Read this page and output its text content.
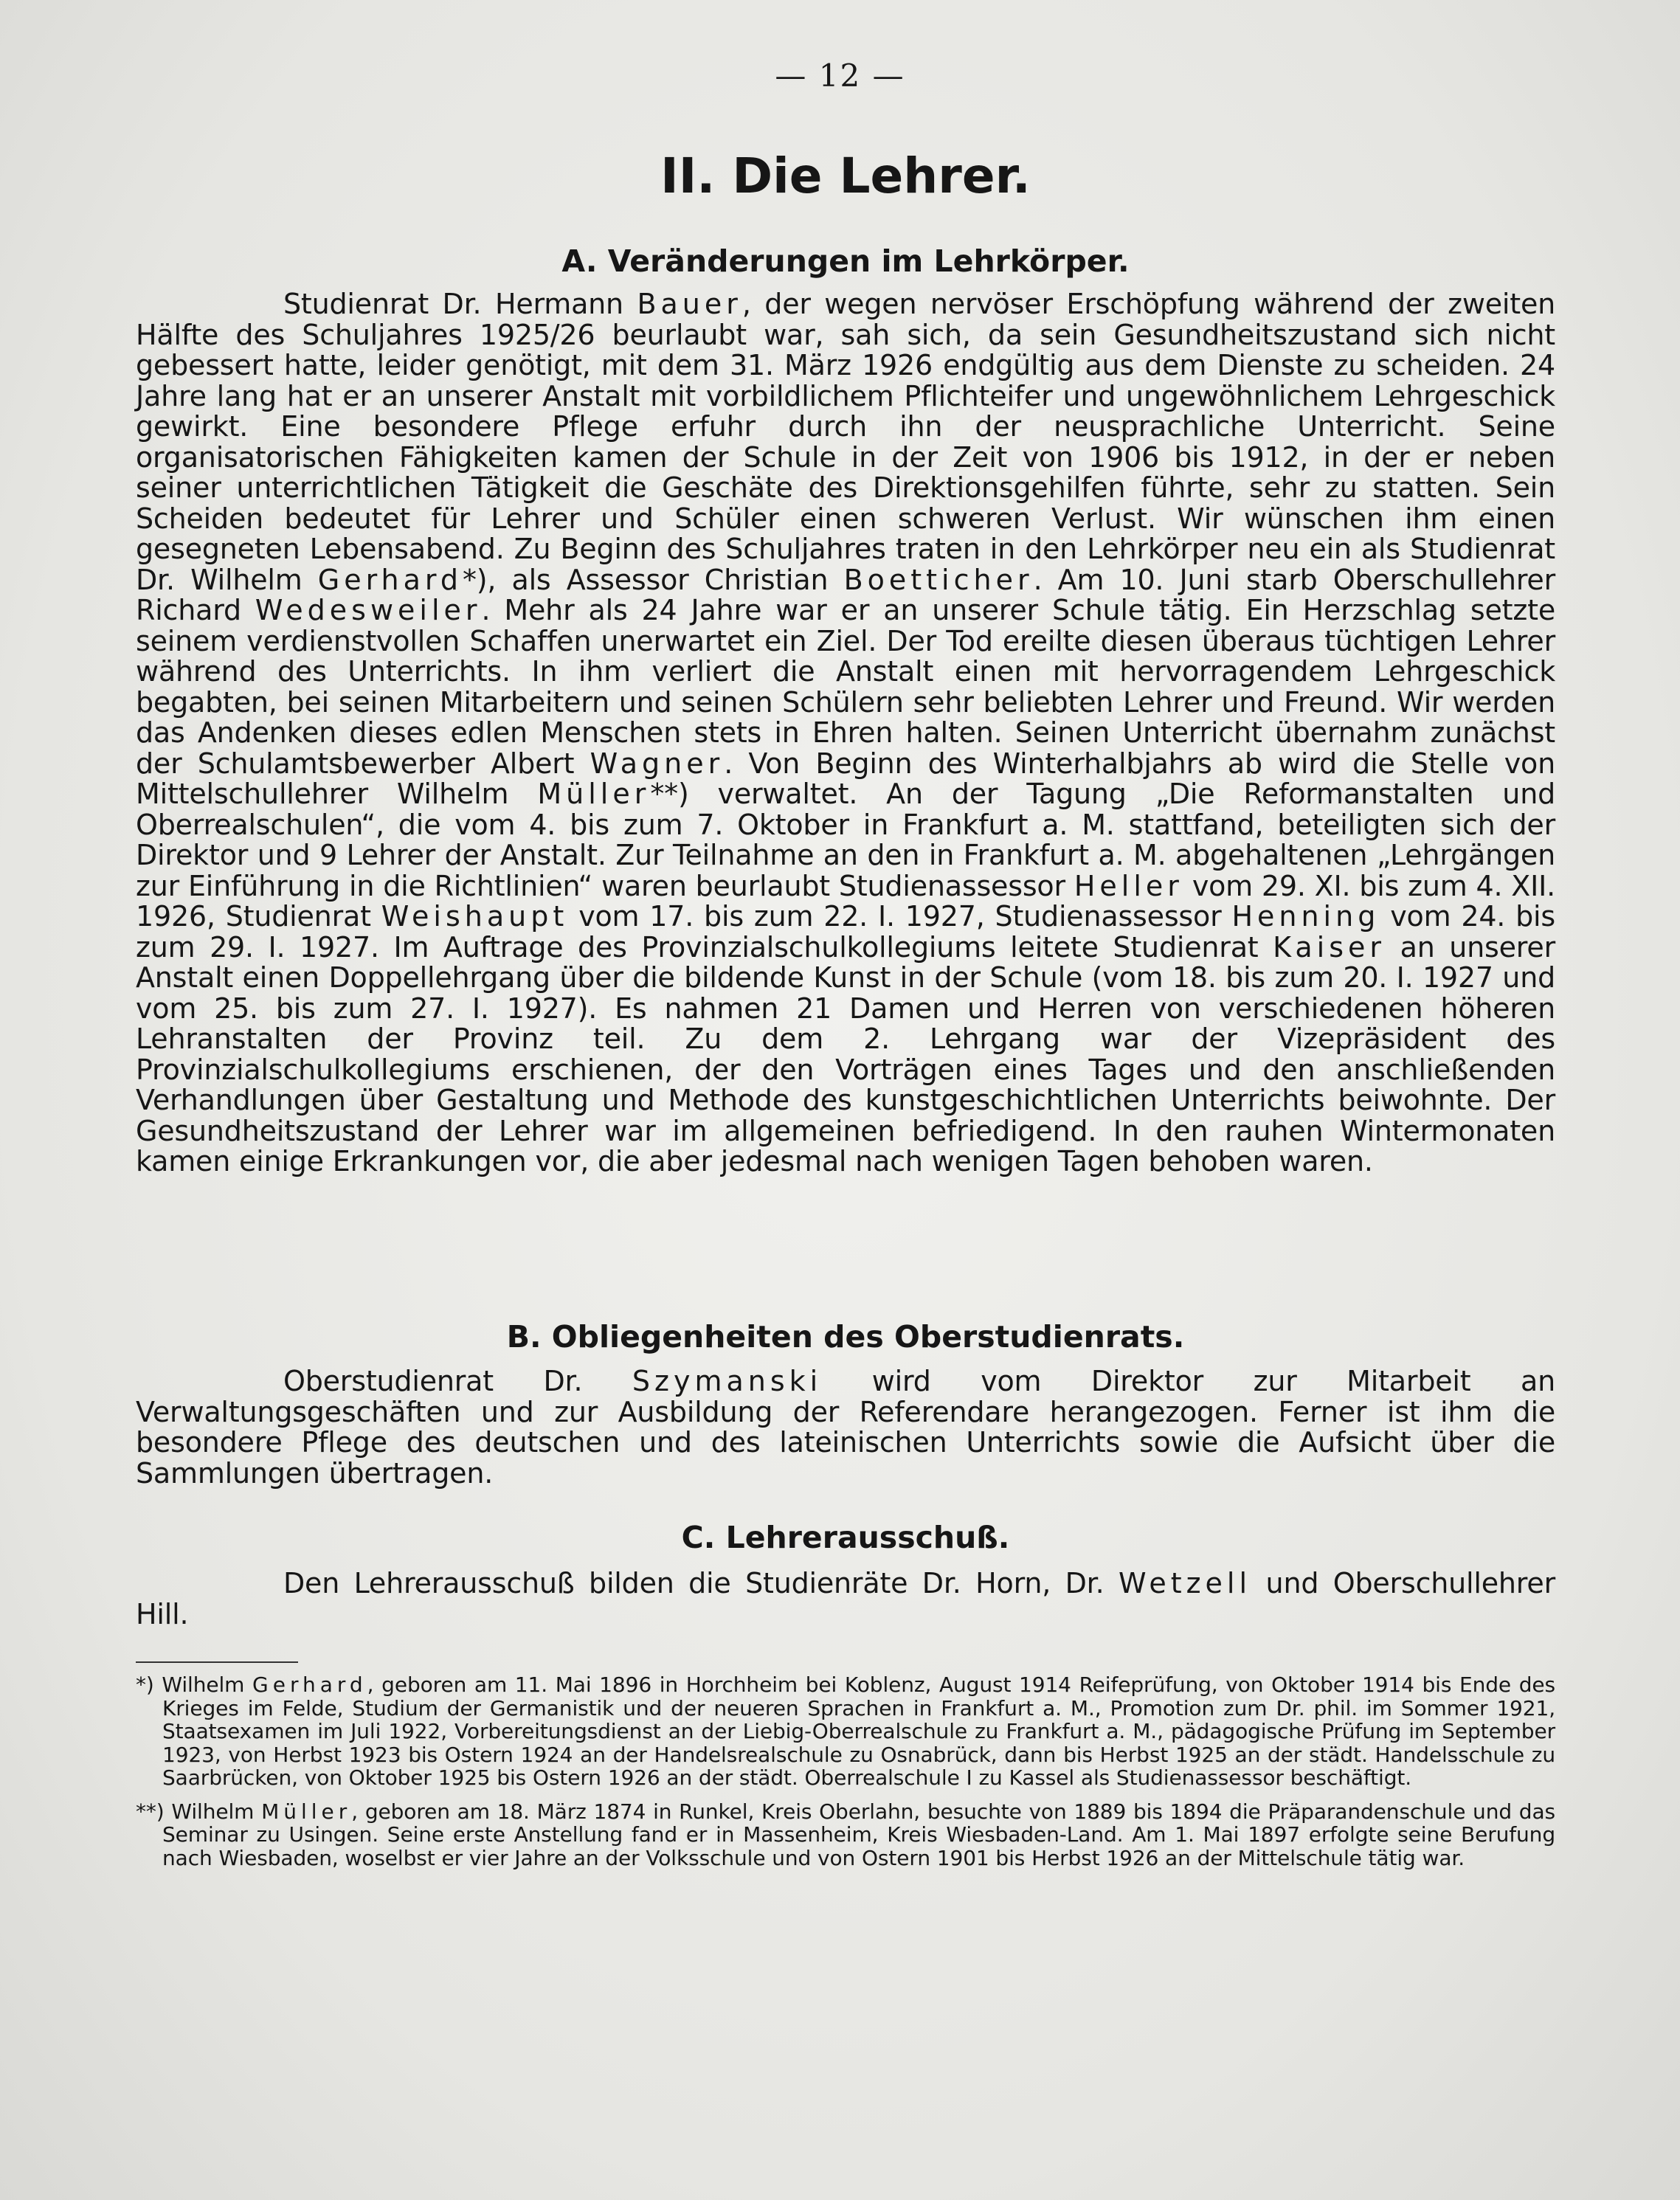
— 12 —
II. Die Lehrer.
A. Veränderungen im Lehrkörper.

Studienrat Dr. Hermann Bauer, der wegen nervöser Erschöpfung während der zweiten Hälfte des Schuljahres 1925/26 beurlaubt war, sah sich, da sein Gesundheitszustand sich nicht gebessert hatte, leider genötigt, mit dem 31. März 1926 endgültig aus dem Dienste zu scheiden. 24 Jahre lang hat er an unserer Anstalt mit vorbildlichem Pflichteifer und ungewöhnlichem Lehrgeschick gewirkt. Eine besondere Pflege erfuhr durch ihn der neusprachliche Unterricht. Seine organisatorischen Fähigkeiten kamen der Schule in der Zeit von 1906 bis 1912, in der er neben seiner unterrichtlichen Tätigkeit die Geschäte des Direktionsgehilfen führte, sehr zu statten. Sein Scheiden bedeutet für Lehrer und Schüler einen schweren Verlust. Wir wünschen ihm einen gesegneten Lebensabend. Zu Beginn des Schuljahres traten in den Lehrkörper neu ein als Studienrat Dr. Wilhelm Gerhard*), als Assessor Christian Boetticher. Am 10. Juni starb Oberschullehrer Richard Wedesweiler. Mehr als 24 Jahre war er an unserer Schule tätig. Ein Herzschlag setzte seinem verdienstvollen Schaffen unerwartet ein Ziel. Der Tod ereilte diesen überaus tüchtigen Lehrer während des Unterrichts. In ihm verliert die Anstalt einen mit hervorragendem Lehrgeschick begabten, bei seinen Mitarbeitern und seinen Schülern sehr beliebten Lehrer und Freund. Wir werden das Andenken dieses edlen Menschen stets in Ehren halten. Seinen Unterricht übernahm zunächst der Schulamtsbewerber Albert Wagner. Von Beginn des Winterhalbjahrs ab wird die Stelle von Mittelschullehrer Wilhelm Müller**) verwaltet. An der Tagung „Die Reformanstalten und Oberrealschulen“, die vom 4. bis zum 7. Oktober in Frankfurt a. M. stattfand, beteiligten sich der Direktor und 9 Lehrer der Anstalt. Zur Teilnahme an den in Frankfurt a. M. abgehaltenen „Lehrgängen zur Einführung in die Richtlinien“ waren beurlaubt Studienassessor Heller vom 29. XI. bis zum 4. XII. 1926, Studienrat Weishaupt vom 17. bis zum 22. I. 1927, Studienassessor Henning vom 24. bis zum 29. I. 1927. Im Auftrage des Provinzialschulkollegiums leitete Studienrat Kaiser an unserer Anstalt einen Doppellehrgang über die bildende Kunst in der Schule (vom 18. bis zum 20. I. 1927 und vom 25. bis zum 27. I. 1927). Es nahmen 21 Damen und Herren von verschiedenen höheren Lehranstalten der Provinz teil. Zu dem 2. Lehrgang war der Vizepräsident des Provinzialschulkollegiums erschienen, der den Vorträgen eines Tages und den anschließenden Verhandlungen über Gestaltung und Methode des kunstgeschichtlichen Unterrichts beiwohnte. Der Gesundheitszustand der Lehrer war im allgemeinen befriedigend. In den rauhen Wintermonaten kamen einige Erkrankungen vor, die aber jedesmal nach wenigen Tagen behoben waren.

B. Obliegenheiten des Oberstudienrats.

Oberstudienrat Dr. Szymanski wird vom Direktor zur Mitarbeit an Verwaltungsgeschäften und zur Ausbildung der Referendare herangezogen. Ferner ist ihm die besondere Pflege des deutschen und des lateinischen Unterrichts sowie die Aufsicht über die Sammlungen übertragen.

C. Lehrerausschuß.

Den Lehrerausschuß bilden die Studienräte Dr. Horn, Dr. Wetzell und Oberschullehrer Hill.

*) Wilhelm Gerhard, geboren am 11. Mai 1896 in Horchheim bei Koblenz, August 1914 Reifeprüfung, von Oktober 1914 bis Ende des Krieges im Felde, Studium der Germanistik und der neueren Sprachen in Frankfurt a. M., Promotion zum Dr. phil. im Sommer 1921, Staatsexamen im Juli 1922, Vorbereitungsdienst an der Liebig-Oberrealschule zu Frankfurt a. M., pädagogische Prüfung im September 1923, von Herbst 1923 bis Ostern 1924 an der Handelsrealschule zu Osnabrück, dann bis Herbst 1925 an der städt. Handelsschule zu Saarbrücken, von Oktober 1925 bis Ostern 1926 an der städt. Oberrealschule I zu Kassel als Studienassessor beschäftigt.

**) Wilhelm Müller, geboren am 18. März 1874 in Runkel, Kreis Oberlahn, besuchte von 1889 bis 1894 die Präparandenschule und das Seminar zu Usingen. Seine erste Anstellung fand er in Massenheim, Kreis Wiesbaden-Land. Am 1. Mai 1897 erfolgte seine Berufung nach Wiesbaden, woselbst er vier Jahre an der Volksschule und von Ostern 1901 bis Herbst 1926 an der Mittelschule tätig war.
